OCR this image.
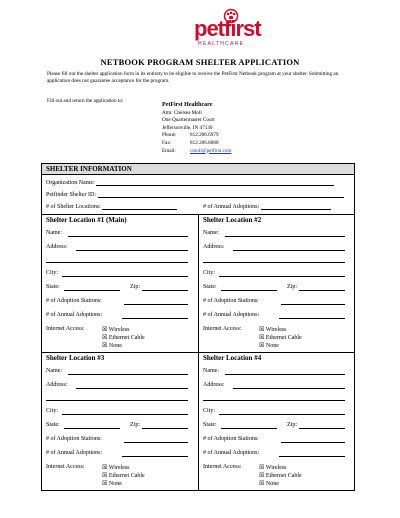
petfirst
HEALTHCARE
NETBOOK PROGRAM SHELTER APPLICATION

Please fill out the shelter application form in its entirety to be eligible to receive the PetFirst Netbook program at your shelter. Submitting an application does not guarantee acceptance for the program.

Fill out and return the application to:

PetFirst Healthcare
Attn: Chelsea Moll
One Quartermaster Court
Jeffersonville, IN 47130
Phone:	812.206.6979
Fax:	812.206.8068
Email:	cmoll@petfirst.com
SHELTER INFORMATION
Organization Name:
Petfinder Shelter ID:
# of Shelter Locations:	# of Annual Adoptions:
Shelter Location #1 (Main)
Name:
Address:
City:
State:	Zip:
# of Adoption Stations:
# of Annual Adoptions:
Internet Access:	☒ Wireless
☒ Ethernet Cable
☒ None
Shelter Location #2
Name:
Address:
City:
State:	Zip:
# of Adoption Stations:
# of Annual Adoptions:
Internet Access:	☒ Wireless
☒ Ethernet Cable
☒ None
Shelter Location #3
Name:
Address:
City:
State:	Zip:
# of Adoption Stations:
# of Annual Adoptions:
Internet Access:	☒ Wireless
☒ Ethernet Cable
☒ None
Shelter Location #4
Name:
Address:
City:
State:	Zip:
# of Adoption Stations:
# of Annual Adoptions:
Internet Access:	☒ Wireless
☒ Ethernet Cable
☒ None
